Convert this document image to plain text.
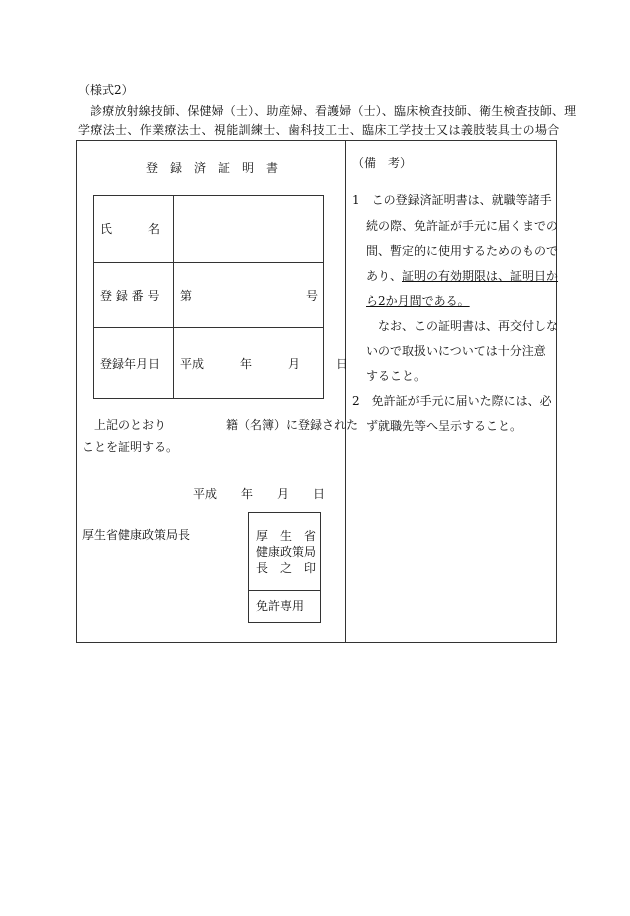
（様式2）
　診療放射線技師、保健婦（士）、助産婦、看護婦（士）、臨床検査技師、衛生検査技師、理
学療法士、作業療法士、視能訓練士、歯科技工士、臨床工学技士又は義肢装具士の場合
登　録　済　証　明　書
氏　　　名
登 録 番 号 第	号
登録年月日 平成　　　年　　　月　　　日
上記のとおり　　　　　籍（名簿）に登録された
ことを証明する。
平成　　年　　月　　日
厚生省健康政策局長	厚　生　省
健康政策局
長　之　印
免許専用
（備　考）
1　この登録済証明書は、就職等諸手
続の際、免許証が手元に届くまでの
間、暫定的に使用するためのもので
あり、証明の有効期限は、証明日か
ら2か月間である。
　なお、この証明書は、再交付しな
いので取扱いについては十分注意
すること。
2　免許証が手元に届いた際には、必
ず就職先等へ呈示すること。
